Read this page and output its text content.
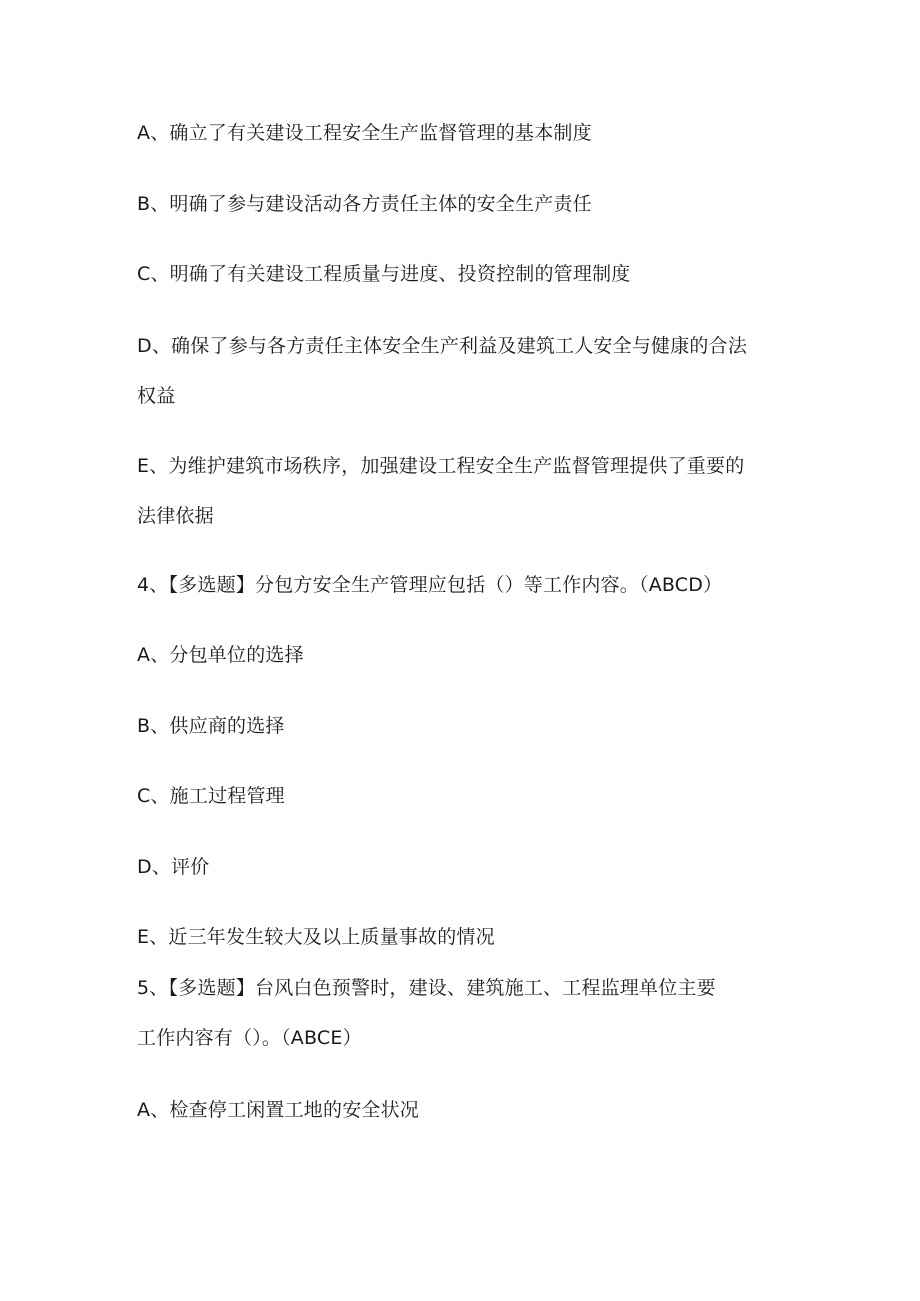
A、确立了有关建设工程安全生产监督管理的基本制度
B、明确了参与建设活动各方责任主体的安全生产责任
C、明确了有关建设工程质量与进度、投资控制的管理制度
D、确保了参与各方责任主体安全生产利益及建筑工人安全与健康的合法
权益
E、为维护建筑市场秩序，加强建设工程安全生产监督管理提供了重要的
法律依据
4、【多选题】分包方安全生产管理应包括（）等工作内容。（ABCD）
A、分包单位的选择
B、供应商的选择
C、施工过程管理
D、评价
E、近三年发生较大及以上质量事故的情况
5、【多选题】台风白色预警时，建设、建筑施工、工程监理单位主要
工作内容有（）。（ABCE）
A、检查停工闲置工地的安全状况
